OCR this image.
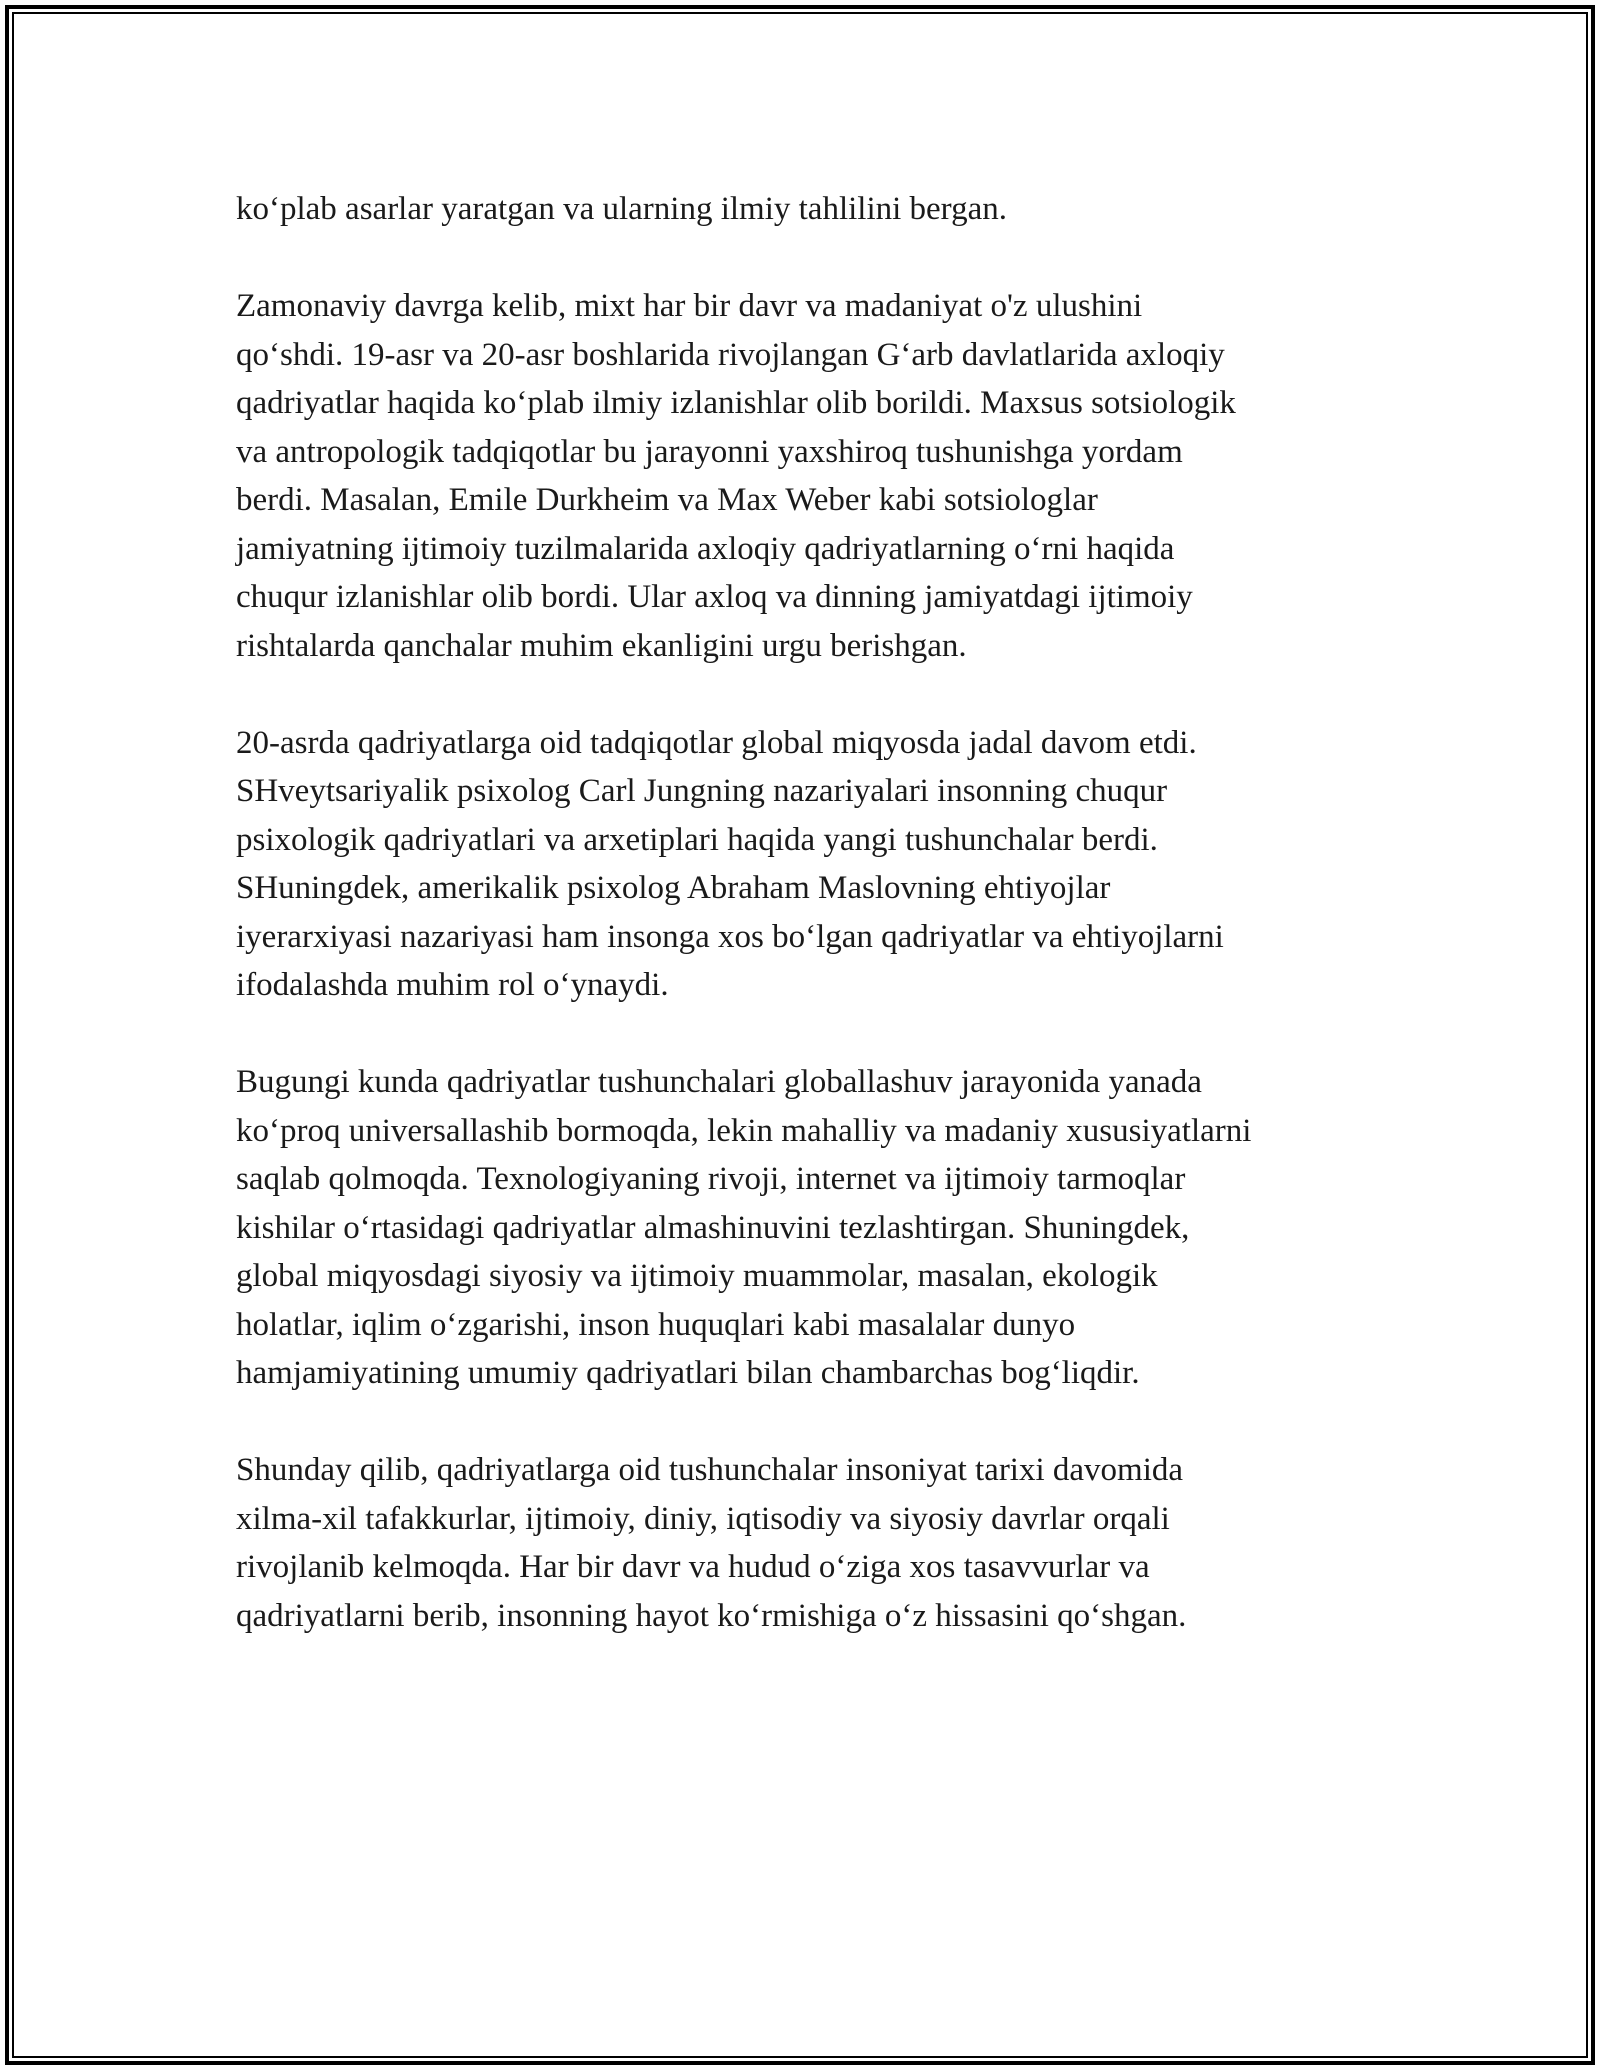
ko‘plab asarlar yaratgan va ularning ilmiy tahlilini bergan.

Zamonaviy davrga kelib, mixt har bir davr va madaniyat o'z ulushini
qo‘shdi. 19-asr va 20-asr boshlarida rivojlangan G‘arb davlatlarida axloqiy
qadriyatlar haqida ko‘plab ilmiy izlanishlar olib borildi. Maxsus sotsiologik
va antropologik tadqiqotlar bu jarayonni yaxshiroq tushunishga yordam
berdi. Masalan, Emile Durkheim va Max Weber kabi sotsiologlar
jamiyatning ijtimoiy tuzilmalarida axloqiy qadriyatlarning o‘rni haqida
chuqur izlanishlar olib bordi. Ular axloq va dinning jamiyatdagi ijtimoiy
rishtalarda qanchalar muhim ekanligini urgu berishgan.

20-asrda qadriyatlarga oid tadqiqotlar global miqyosda jadal davom etdi.
SHveytsariyalik psixolog Carl Jungning nazariyalari insonning chuqur
psixologik qadriyatlari va arxetiplari haqida yangi tushunchalar berdi.
SHuningdek, amerikalik psixolog Abraham Maslovning ehtiyojlar
iyerarxiyasi nazariyasi ham insonga xos bo‘lgan qadriyatlar va ehtiyojlarni
ifodalashda muhim rol o‘ynaydi.

Bugungi kunda qadriyatlar tushunchalari globallashuv jarayonida yanada
ko‘proq universallashib bormoqda, lekin mahalliy va madaniy xususiyatlarni
saqlab qolmoqda. Texnologiyaning rivoji, internet va ijtimoiy tarmoqlar
kishilar o‘rtasidagi qadriyatlar almashinuvini tezlashtirgan. Shuningdek,
global miqyosdagi siyosiy va ijtimoiy muammolar, masalan, ekologik
holatlar, iqlim o‘zgarishi, inson huquqlari kabi masalalar dunyo
hamjamiyatining umumiy qadriyatlari bilan chambarchas bog‘liqdir.

Shunday qilib, qadriyatlarga oid tushunchalar insoniyat tarixi davomida
xilma-xil tafakkurlar, ijtimoiy, diniy, iqtisodiy va siyosiy davrlar orqali
rivojlanib kelmoqda. Har bir davr va hudud o‘ziga xos tasavvurlar va
qadriyatlarni berib, insonning hayot ko‘rmishiga o‘z hissasini qo‘shgan.
